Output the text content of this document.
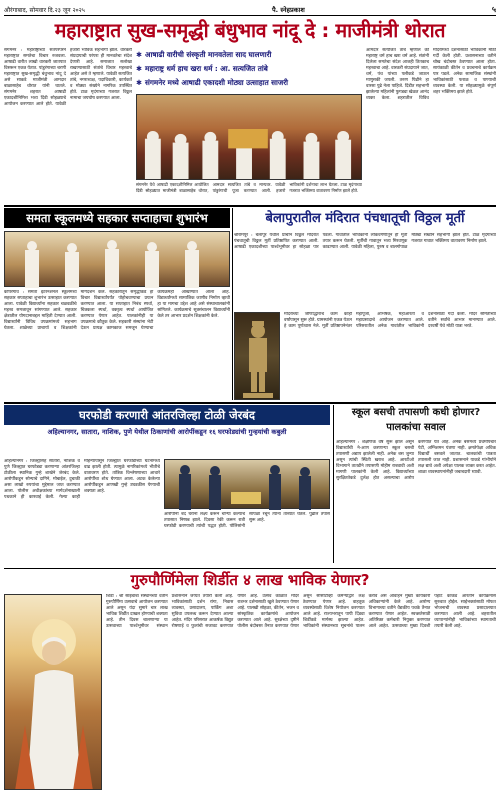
औरंगाबाद, सोमवार दि.२३ जून २०२५	पै. स्नेहप्रकाश	५
महाराष्ट्रात सुख-समृद्धी बंधुभाव नांदू दे : माजीमंत्री थोरात
संगमनेर : महाराष्ट्राच्या संतपरंपरेने महाराष्ट्रात समतेचा विचार रुजवला. आषाढी वारीत लाखो वारकरी जातपात विसरून एकत्र येतात. पांडुरंगाच्या चरणी महाराष्ट्रात सुख-समृद्धी बंधुभाव नांदू दे असे साकडे माजीमंत्री आमदार बाळासाहेब थोरात यांनी घातले. संगमनेर शहरात आषाढी एकादशीनिमित्त भव्य दिंडी सोहळ्याचे आयोजन करण्यात आले होते. यावेळी हजारो भाविक सहभागी झाले. वारकरी संप्रदायाची परंपरा ही मानवतेचा संदेश देणारी आहे. समाजात सलोखा राखण्यासाठी संतांचे विचार महत्त्वाचे आहेत असे ते म्हणाले. यावेळी सत्यजित तांबे, नगराध्यक्ष, पदाधिकारी, कार्यकर्ते व मोठ्या संख्येने नागरिक उपस्थित होते. टाळ मृदंगाच्या गजरात विठ्ठल नामाचा जयघोष करण्यात आला.
✱ आषाढी वारीची संस्कृती मानवतेला साद घालणारी
✱ महाराष्ट्र धर्म हाच खरा धर्म : आ. सत्यजित तांबे
✱ संगमनेर मध्ये आषाढी एकादशी मोठ्या उत्साहात साजरी
संगमनेर येथे आषाढी एकादशीनिमित्त आयोजित दिंडी सोहळ्यात माजीमंत्री बाळासाहेब थोरात, आमदार सत्यजित तांबे व मान्यवर. यावेळी पांडुरंगाची पूजा करण्यात आली. हजारो भाविकांनी दर्शनाचा लाभ घेतला. टाळ मृदंगाच्या गजरात भक्तिमय वातावरण निर्माण झाले होते.
आमदार सत्यजित तांबे म्हणाले की महाराष्ट्र धर्म हाच खरा धर्म आहे. संतांनी दिलेला समतेचा संदेश आजही तितकाच महत्त्वाचा आहे. वारकरी संप्रदायाने जात, धर्म, पंथ यांच्या पलीकडे जाऊन माणुसकी जपली. तरुण पिढीने हा वारसा पुढे नेला पाहिजे. दिंडीत सहभागी झालेल्या महिलांनी फुगड्या खेळत आनंद व्यक्त केला. शहरातील विविध मंदिरांमध्ये दर्शनासाठी भाविकांनी मोठी गर्दी केली होती. प्रशासनाच्या वतीने चोख बंदोबस्त ठेवण्यात आला होता. सायंकाळी कीर्तन व प्रवचनाचे कार्यक्रम पार पडले. अनेक सामाजिक संस्थांनी भाविकांसाठी फराळ व पाण्याची व्यवस्था केली. या सोहळ्यामुळे संपूर्ण शहर भक्तिमय झाले होते.
समता स्कूलमध्ये सहकार सप्ताहाचा शुभारंभ
कोपरगाव : समता इंटरनॅशनल स्कूलमध्ये सहकार सप्ताहाचा शुभारंभ उत्साहात करण्यात आला. यावेळी विद्यार्थ्यांना सहकार चळवळीचे महत्त्व समजावून सांगण्यात आले. सहकार क्षेत्रातील योगदानाबद्दल माहिती देण्यात आली. विद्यार्थ्यांनी विविध उपक्रमांमध्ये सहभाग घेतला. शाळेच्या प्राचार्या व शिक्षकांनी मार्गदर्शन केले. सहकारातून समृद्धीकडे हा विचार विद्यार्थ्यांपर्यंत पोहोचवण्याचा प्रयत्न करण्यात आला. या सप्ताहात निबंध स्पर्धा, चित्रकला स्पर्धा, वक्तृत्व स्पर्धा आयोजित करण्यात येणार आहेत. पालकांनीही या उपक्रमाचे कौतुक केले. सहकारी संस्थांना भेटी देऊन प्रत्यक्ष कामकाज समजून घेण्याचा कार्यक्रमही आखण्यात आला आहे. विद्यार्थ्यांमध्ये सामाजिक जाणीव निर्माण व्हावी हा या मागचा उद्देश आहे असे संस्थाचालकांनी सांगितले. कार्यक्रमाचे सूत्रसंचालन विद्यार्थ्यांनी केले तर आभार प्रदर्शन शिक्षकांनी केले.
बेलापुरातील मंदिरात पंचधातूची विठ्ठल मूर्ती
श्रीरामपूर : बेलापूर येथील प्राचीन विठ्ठल मंदिरात पंचधातूची विठ्ठल मूर्ती प्रतिष्ठापित करण्यात आली. आषाढी एकादशीच्या पार्श्वभूमीवर हा सोहळा पार पडला. गावातील भाविकांनी लोकवर्गणीतून ही मूर्ती तयार करून घेतली. मूर्तीची गावातून भव्य मिरवणूक काढण्यात आली. यावेळी महिला, पुरुष व बालगोपाळ मोठ्या संख्येने सहभागी झाले होते. टाळ मृदंगाच्या गजरात गावात भक्तिमय वातावरण निर्माण झाले.
मंदिराच्या जीर्णोद्धाराचे काम काही वर्षांपासून सुरू होते. ग्रामस्थांनी एकत्र येऊन हे काम पूर्णत्वास नेले. मूर्ती प्रतिष्ठापनेनंतर महापूजा, अभिषेक, महाआरती व महाप्रसादाचे आयोजन करण्यात आले. परिसरातील अनेक गावांतील भाविकांनी दर्शनासाठी गर्दी केली. मंदिर समितीच्या वतीने सर्वांचे आभार मानण्यात आले. दरवर्षी येथे मोठी यात्रा भरते.
घरफोडी करणारी आंतरजिल्हा टोळी जेरबंद
अहिल्यानगर, सातारा, नाशिक, पुणे येथील ठिकाणांची आरोपींकडून १६ घरफोड्यांची गुन्हयांची कबुली
अहिल्यानगर : जिल्ह्यासह सातारा, नाशिक व पुणे जिल्ह्यात घरफोड्या करणाऱ्या आंतरजिल्हा टोळीला स्थानिक गुन्हे शाखेने जेरबंद केले. आरोपींकडून सोन्याचे दागिने, मोबाईल, दुचाकी असा लाखो रुपयांचा मुद्देमाल जप्त करण्यात आला. पोलीस अधीक्षकांच्या मार्गदर्शनाखाली पथकाने ही कारवाई केली. गेल्या काही महिन्यांपासून जिल्ह्यात घरफोडीच्या घटनांमध्ये वाढ झाली होती. त्यामुळे नागरिकांमध्ये भीतीचे वातावरण होते. तांत्रिक विश्लेषणाच्या आधारे आरोपींचा शोध घेण्यात आला. अटक केलेल्या आरोपींकडून आणखी गुन्हे उघडकीस येण्याची शक्यता आहे.
आरोपींनी बंद घरांना लक्ष्य करून चोऱ्या केल्याचे तपासात निष्पन्न झाले. दिवसा रेकी करून रात्री घरफोडी करण्याची त्यांची पद्धत होती. पोलिसांनी सापळा रचून त्यांना ताब्यात घेतले. पुढील तपास सुरू आहे.
स्कूल बसची तपासणी कधी होणार? पालकांचा सवाल
अहिल्यानगर : शैक्षणिक वर्ष सुरू झाले असून विद्यार्थ्यांची ने-आण करणाऱ्या स्कूल बसची तपासणी अद्याप झालेली नाही. अनेक बस जुन्या असून त्यांची स्थिती खराब आहे. आरटीओ विभागाने तातडीने तपासणी मोहीम राबवावी अशी मागणी पालकांनी केली आहे. विद्यार्थ्यांच्या सुरक्षिततेकडे दुर्लक्ष होत असल्याचा आरोप करण्यात येत आहे. अनेक बसमध्ये प्रथमोपचार पेटी, अग्निशमन यंत्रणा नाही. क्षमतेपेक्षा अधिक विद्यार्थी बसवले जातात. चालकांची पात्रता तपासली जात नाही. प्रशासनाने याकडे गांभीर्याने लक्ष द्यावे अशी अपेक्षा पालक व्यक्त करत आहेत. शाळा व्यवस्थापनांनीही जबाबदारी घ्यावी.
गुरुपौर्णिमेला शिर्डीत ४ लाख भाविक येणार?
शिर्डी : श्री साईबाबा संस्थानच्या वतीने गुरुपौर्णिमा उत्सवाचे आयोजन करण्यात आले असून यंदा सुमारे चार लाख भाविक शिर्डीत दाखल होण्याची शक्यता आहे. तीन दिवस चालणाऱ्या या उत्सवाच्या पार्श्वभूमीवर संस्थान प्रशासनाने जय्यत तयारी केली आहे. भाविकांसाठी दर्शन रांगा, निवास व्यवस्था, प्रसादालय, पार्किंग अशा सुविधा उपलब्ध करून देण्यात आल्या आहेत. मंदिर परिसरात आकर्षक विद्युत रोषणाई व फुलांची सजावट करण्यात येणार आहे. उत्सव काळात मंदिर रात्रभर दर्शनासाठी खुले ठेवण्यात येणार आहे. पालखी सोहळा, कीर्तन, भजन व सांस्कृतिक कार्यक्रमांचे आयोजन करण्यात आले आहे. सुरक्षेच्या दृष्टीने पोलीस बंदोबस्त तैनात करण्यात येणार असून सीसीटीव्ही कॅमेऱ्यांद्वारे लक्ष ठेवण्यात येणार आहे. वाहतूक व्यवस्थेसाठी विशेष नियोजन करण्यात आले आहे. राज्यभरातून पायी दिंड्या शिर्डीकडे मार्गस्थ झाल्या आहेत. भाविकांनी संस्थानच्या सूचनांचे पालन करावे असे आवाहन मुख्य कार्यकारी अधिकाऱ्यांनी केले आहे. आरोग्य विभागाच्या वतीने वैद्यकीय पथके तैनात करण्यात येणार आहेत. स्वच्छतेसाठी अतिरिक्त कर्मचारी नियुक्त करण्यात आले आहेत. उत्सवाच्या मुख्य दिवशी पहाटे काकड आरतीने कार्यक्रमास सुरुवात होईल. साईभक्तांसाठी मोफत भोजनाची व्यवस्था प्रसादालयात करण्यात आली आहे. शहरातील व्यापाऱ्यांनीही भाविकांच्या स्वागताची तयारी केली आहे.
